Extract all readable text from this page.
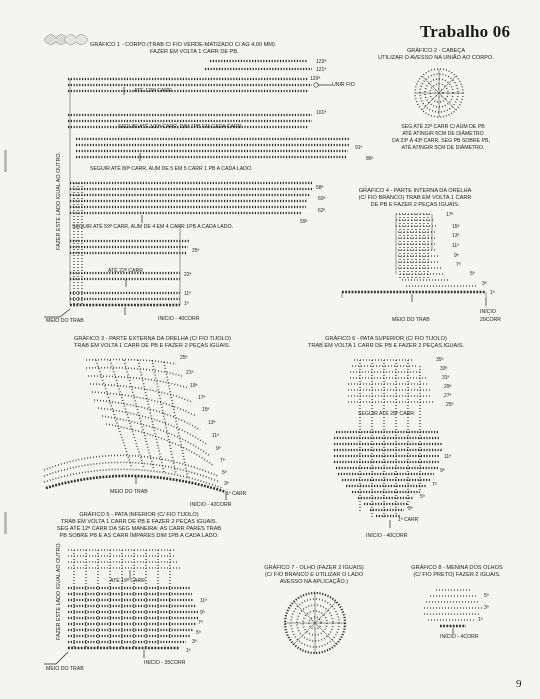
Trabalho 06
GRÁFICO 1 - CORPO (TRAB C/ FIO VERDE-MATIZADO C/ AG 4,00 MM)
FAZER EM VOLTA 1 CARR DE PB.
ATÉ 120ª CARR
SEGUIR ATÉ 100ª CARR, DIM 1PB EM CADA CARR
SEGUIR ATÉ 80ª CARR, AUM DE 5 EM 5 CARR 1 PB A CADA LADO.
SEGUIR ATÉ 59ª CARR, AUM DE 4 EM 4 CARR 1PB A CADA LADO.
ATÉ 22ª CARR
INÍCIO - 40CORR
MEIO DO TRAB
UNIR FIO
123ª
121ª
120ª
101ª
91ª
86ª
58ª
60ª
62ª
59ª
25ª
22ª
11ª
1ª
FAZER ESTE LADO IGUAL AO OUTRO.
GRÁFICO 2 - CABEÇA
UTILIZAR O AVESSO NA UNIÃO AO CORPO.
SEG ATÉ 22ª CARR C/ AUM DE PB
ATÉ ATINGIR 6CM DE DIÂMETRO
DA 23ª À 43ª CARR, SEG PB SOBRE PB,
ATÉ ATINGIR 5CM DE DIÂMETRO.
GRÁFICO 4 - PARTE INTERNA DA ORELHA
(C/ FIO BRANCO) TRAB EM VOLTA 1 CARR
DE PB E FAZER 2 PEÇAS IGUAIS.
17ª
15ª
13ª
11ª
9ª
7ª
5ª
3ª
1ª
MEIO DO TRAB
INÍCIO
29CORR
GRÁFICO 3 - PARTE EXTERNA DA ORELHA (C/ FIO TIJOLO)
TRAB EM VOLTA 1 CARR DE PB E FAZER 2 PEÇAS IGUAIS.
25ª
21ª
19ª
17ª
15ª
13ª
11ª
9ª
7ª
5ª
3ª
1ª CARR
MEIO DO TRAB
INÍCIO - 42CORR
GRÁFICO 6 - PATA SUPERIOR (C/ FIO TIJOLO)
TRAB EM VOLTA 1 CARR DE PB E FAZER 2 PEÇAS IGUAIS.
35ª
33ª
31ª
29ª
27ª
25ª
11ª
9ª
7ª
5ª
3ª
1ª CARR
SEGUIR ATÉ 28ª CARR
INÍCIO - 40CORR
GRÁFICO 5 - PATA INFERIOR (C/ FIO TIJOLO)
TRAB EM VOLTA 1 CARR DE PB E FAZER 2 PEÇAS IGUAIS.
SEG ATÉ 12ª CARR DA SEG MANEIRA: AS CARR PARES TRAB
PB SOBRE PB E AS CARR ÍMPARES DIM 1PB A CADA LADO.
ATÉ 19ª CARR
FAZER ESTE LADO IGUAL AO OUTRO.	11ª
9ª
7ª
5ª
3ª
1ª
MEIO DO TRAB
INÍCIO - 35CORR
GRÁFICO 7 - OLHO (FAZER 2 IGUAIS)
(C/ FIO BRANCO E UTILIZAR O LADO
AVESSO NA APLICAÇÃO.)
GRÁFICO 8 - MENINA DOS OLHOS
(C/ FIO PRETO) FAZER 2 IGUAIS.
5ª
3ª
1ª
INÍCIO - 4CORR
9
